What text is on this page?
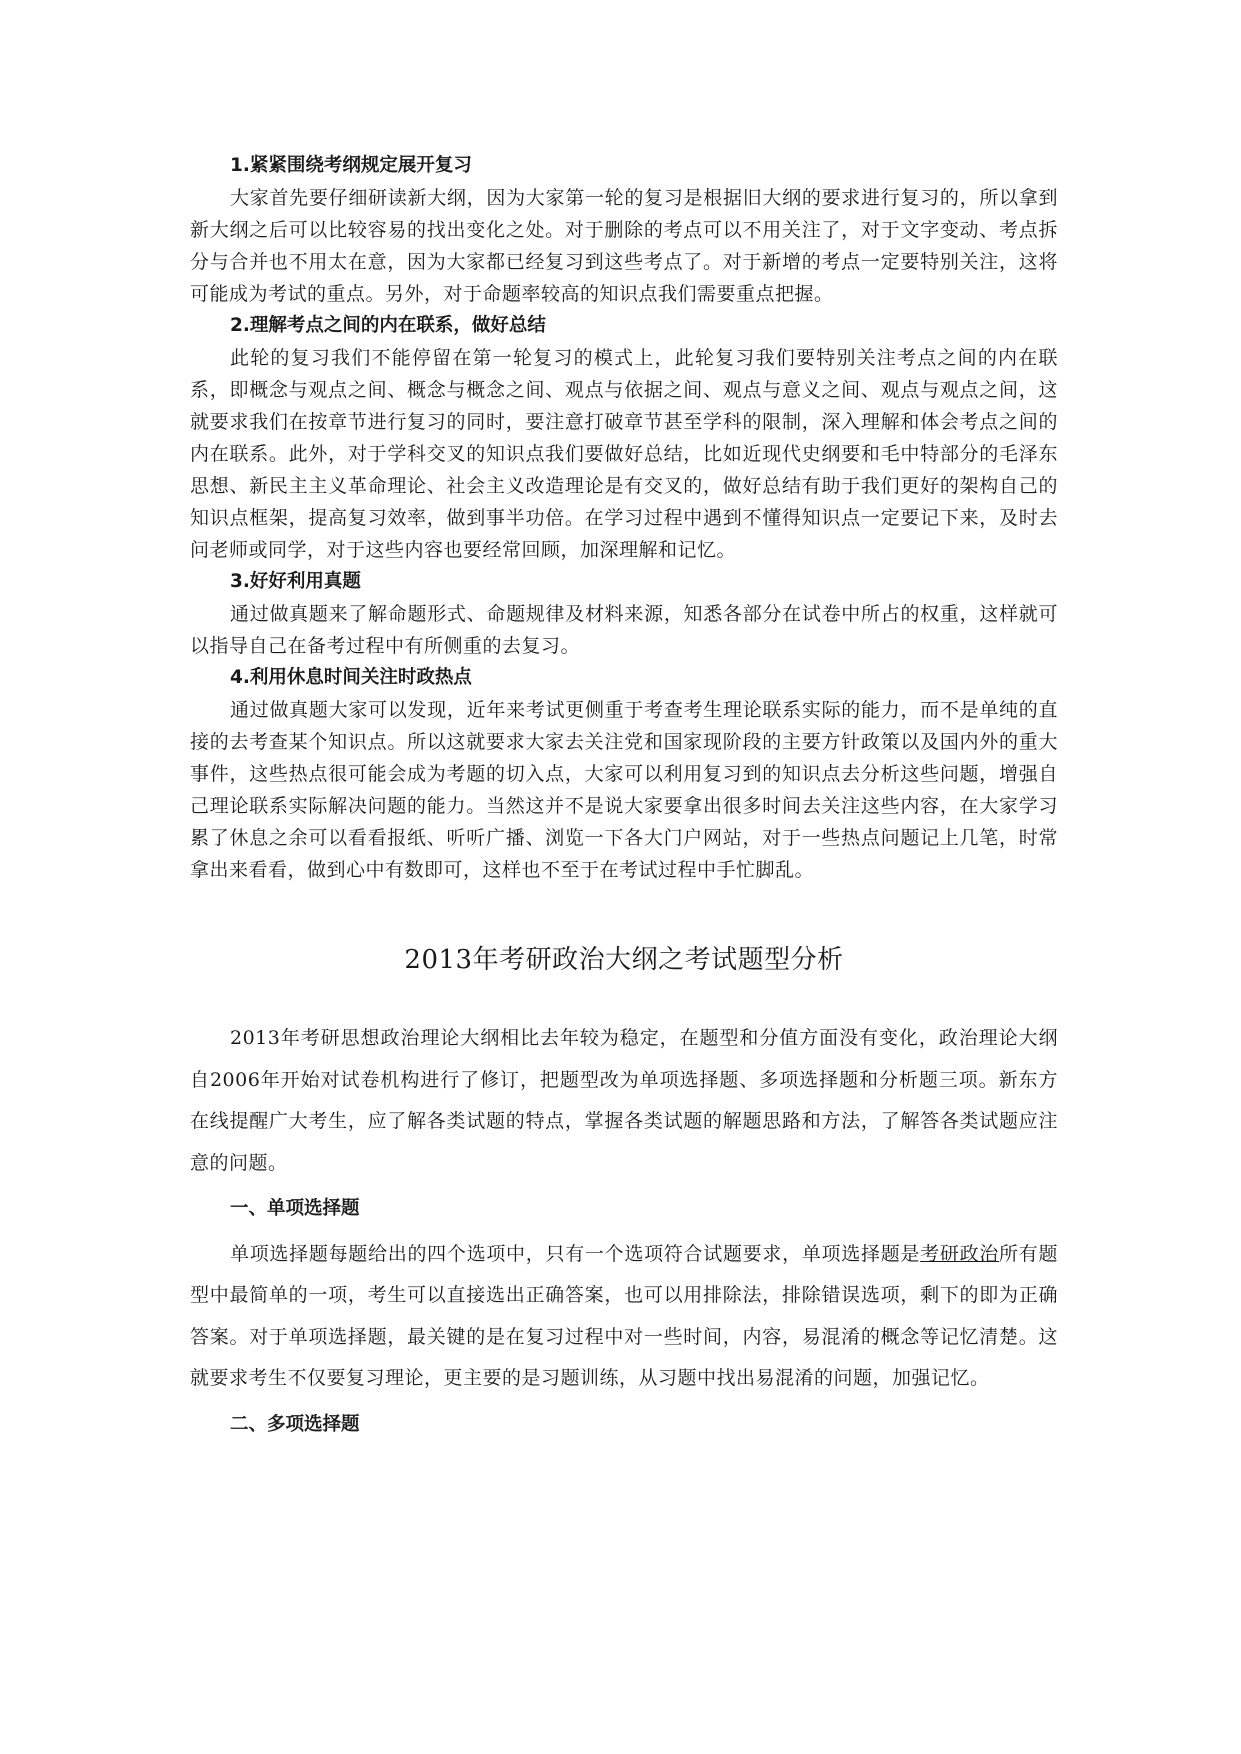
1.紧紧围绕考纲规定展开复习

大家首先要仔细研读新大纲，因为大家第一轮的复习是根据旧大纲的要求进行复习的，所以拿到新大纲之后可以比较容易的找出变化之处。对于删除的考点可以不用关注了，对于文字变动、考点拆分与合并也不用太在意，因为大家都已经复习到这些考点了。对于新增的考点一定要特别关注，这将可能成为考试的重点。另外，对于命题率较高的知识点我们需要重点把握。

2.理解考点之间的内在联系，做好总结

此轮的复习我们不能停留在第一轮复习的模式上，此轮复习我们要特别关注考点之间的内在联系，即概念与观点之间、概念与概念之间、观点与依据之间、观点与意义之间、观点与观点之间，这就要求我们在按章节进行复习的同时，要注意打破章节甚至学科的限制，深入理解和体会考点之间的内在联系。此外，对于学科交叉的知识点我们要做好总结，比如近现代史纲要和毛中特部分的毛泽东思想、新民主主义革命理论、社会主义改造理论是有交叉的，做好总结有助于我们更好的架构自己的知识点框架，提高复习效率，做到事半功倍。在学习过程中遇到不懂得知识点一定要记下来，及时去问老师或同学，对于这些内容也要经常回顾，加深理解和记忆。

3.好好利用真题

通过做真题来了解命题形式、命题规律及材料来源，知悉各部分在试卷中所占的权重，这样就可以指导自己在备考过程中有所侧重的去复习。

4.利用休息时间关注时政热点

通过做真题大家可以发现，近年来考试更侧重于考查考生理论联系实际的能力，而不是单纯的直接的去考查某个知识点。所以这就要求大家去关注党和国家现阶段的主要方针政策以及国内外的重大事件，这些热点很可能会成为考题的切入点，大家可以利用复习到的知识点去分析这些问题，增强自己理论联系实际解决问题的能力。当然这并不是说大家要拿出很多时间去关注这些内容，在大家学习累了休息之余可以看看报纸、听听广播、浏览一下各大门户网站，对于一些热点问题记上几笔，时常拿出来看看，做到心中有数即可，这样也不至于在考试过程中手忙脚乱。

2013年考研政治大纲之考试题型分析

2013年考研思想政治理论大纲相比去年较为稳定，在题型和分值方面没有变化，政治理论大纲自2006年开始对试卷机构进行了修订，把题型改为单项选择题、多项选择题和分析题三项。新东方在线提醒广大考生，应了解各类试题的特点，掌握各类试题的解题思路和方法，了解答各类试题应注意的问题。

一、单项选择题

单项选择题每题给出的四个选项中，只有一个选项符合试题要求，单项选择题是考研政治所有题型中最简单的一项，考生可以直接选出正确答案，也可以用排除法，排除错误选项，剩下的即为正确答案。对于单项选择题，最关键的是在复习过程中对一些时间，内容，易混淆的概念等记忆清楚。这就要求考生不仅要复习理论，更主要的是习题训练，从习题中找出易混淆的问题，加强记忆。

二、多项选择题
